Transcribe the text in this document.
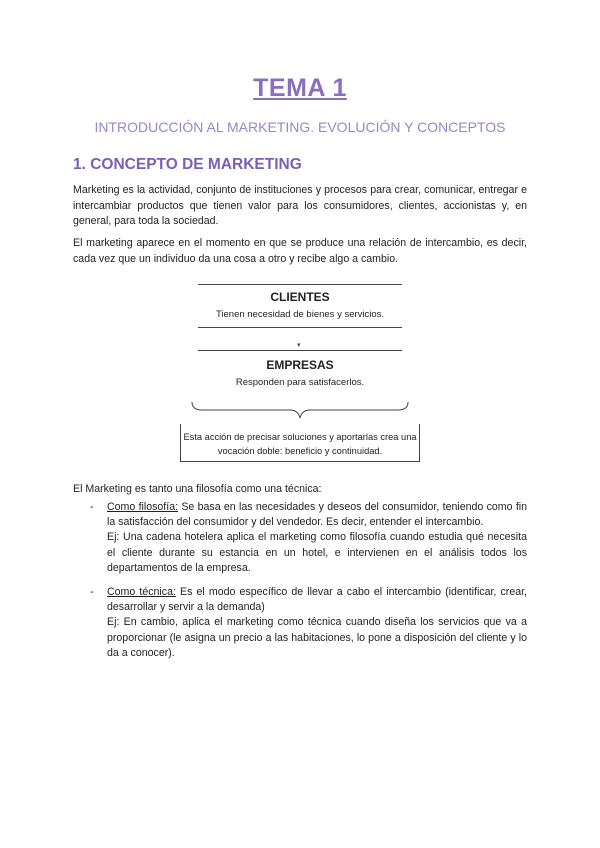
TEMA 1
INTRODUCCIÓN AL MARKETING. EVOLUCIÓN Y CONCEPTOS
1. CONCEPTO DE MARKETING
Marketing es la actividad, conjunto de instituciones y procesos para crear, comunicar, entregar e intercambiar productos que tienen valor para los consumidores, clientes, accionistas y, en general, para toda la sociedad.
El marketing aparece en el momento en que se produce una relación de intercambio, es decir, cada vez que un individuo da una cosa a otro y recibe algo a cambio.
CLIENTES
Tienen necesidad de bienes y servicios.
▾
EMPRESAS
Responden para satisfacerlos.
Esta acción de precisar soluciones y aportarlas crea una vocación doble: beneficio y continuidad.
El Marketing es tanto una filosofía como una técnica:
- Como filosofía: Se basa en las necesidades y deseos del consumidor, teniendo como fin la satisfacción del consumidor y del vendedor. Es decir, entender el intercambio.
Ej: Una cadena hotelera aplica el marketing como filosofía cuando estudia qué necesita el cliente durante su estancia en un hotel, e intervienen en el análisis todos los departamentos de la empresa.
- Como técnica: Es el modo específico de llevar a cabo el intercambio (identificar, crear, desarrollar y servir a la demanda)
Ej: En cambio, aplica el marketing como técnica cuando diseña los servicios que va a proporcionar (le asigna un precio a las habitaciones, lo pone a disposición del cliente y lo da a conocer).
